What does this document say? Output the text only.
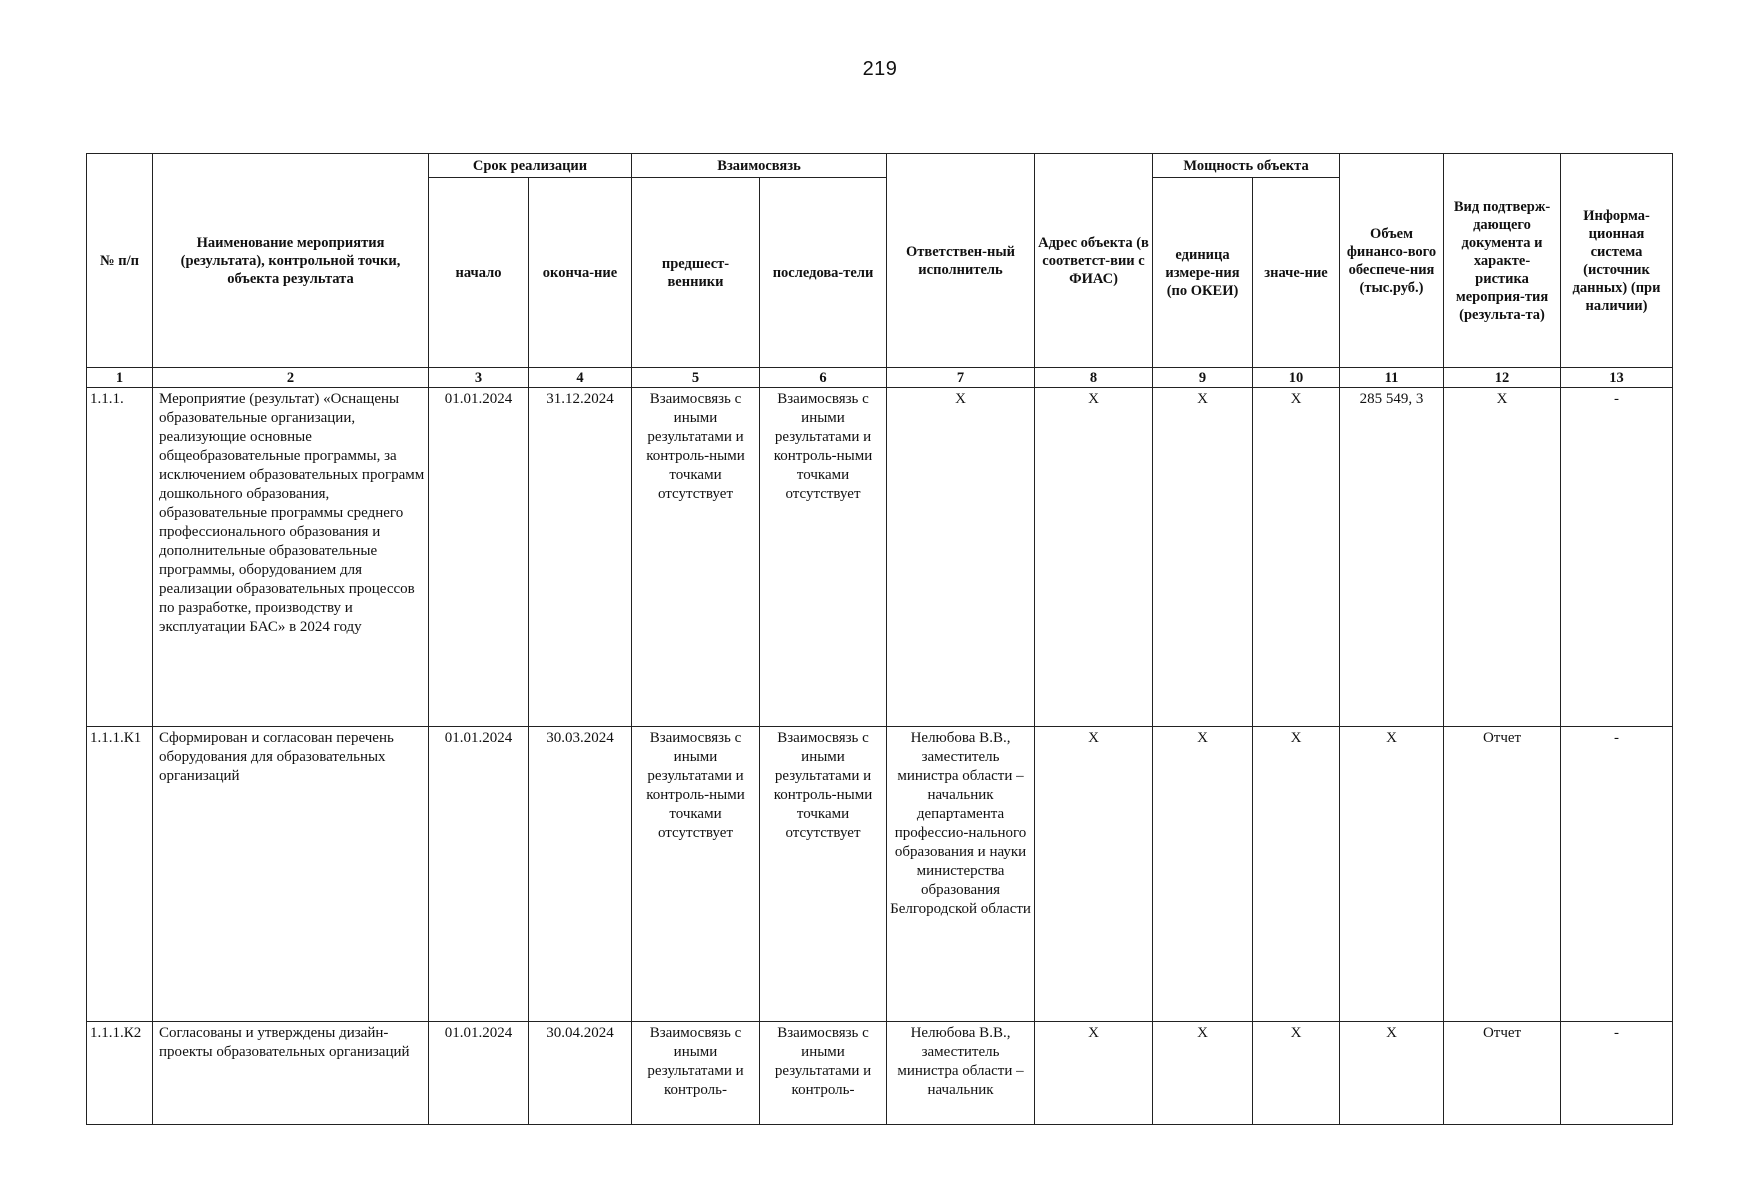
219
№ п/п	Наименование мероприятия (результата), контрольной точки, объекта результата	Срок реализации		Взаимосвязь		Ответствен-ный исполнитель	Адрес объекта (в соответст-вии с ФИАС)	Мощность объекта		Объем финансо-вого обеспече-ния (тыс.руб.)	Вид подтверж-дающего документа и характе-ристика мероприя-тия (результа-та)	Информа-ционная система (источник данных) (при наличии)
		начало	оконча-ние	предшест-венники	последова-тели			единица измере-ния (по ОКЕИ)	значе-ние			
1	2	3	4	5	6	7	8	9	10	11	12	13
1.1.1.	Мероприятие (результат) «Оснащены образовательные организации, реализующие основные общеобразовательные программы, за исключением образовательных программ дошкольного образования, образовательные программы среднего профессионального образования и дополнительные образовательные программы, оборудованием для реализации образовательных процессов по разработке, производству и эксплуатации БАС» в 2024 году	01.01.2024	31.12.2024	Взаимосвязь с иными результатами и контроль-ными точками отсутствует	Взаимосвязь с иными результатами и контроль-ными точками отсутствует	X	X	X	X	285 549, 3	X	-
1.1.1.К1	Сформирован и согласован перечень оборудования для образовательных организаций	01.01.2024	30.03.2024	Взаимосвязь с иными результатами и контроль-ными точками отсутствует	Взаимосвязь с иными результатами и контроль-ными точками отсутствует	Нелюбова В.В., заместитель министра области – начальник департамента профессио-нального образования и науки министерства образования Белгородской области	X	X	X	X	Отчет	-
1.1.1.К2	Согласованы и утверждены дизайн-проекты образовательных организаций	01.01.2024	30.04.2024	Взаимосвязь с иными результатами и контроль-	Взаимосвязь с иными результатами и контроль-	Нелюбова В.В., заместитель министра области – начальник	X	X	X	X	Отчет	-
